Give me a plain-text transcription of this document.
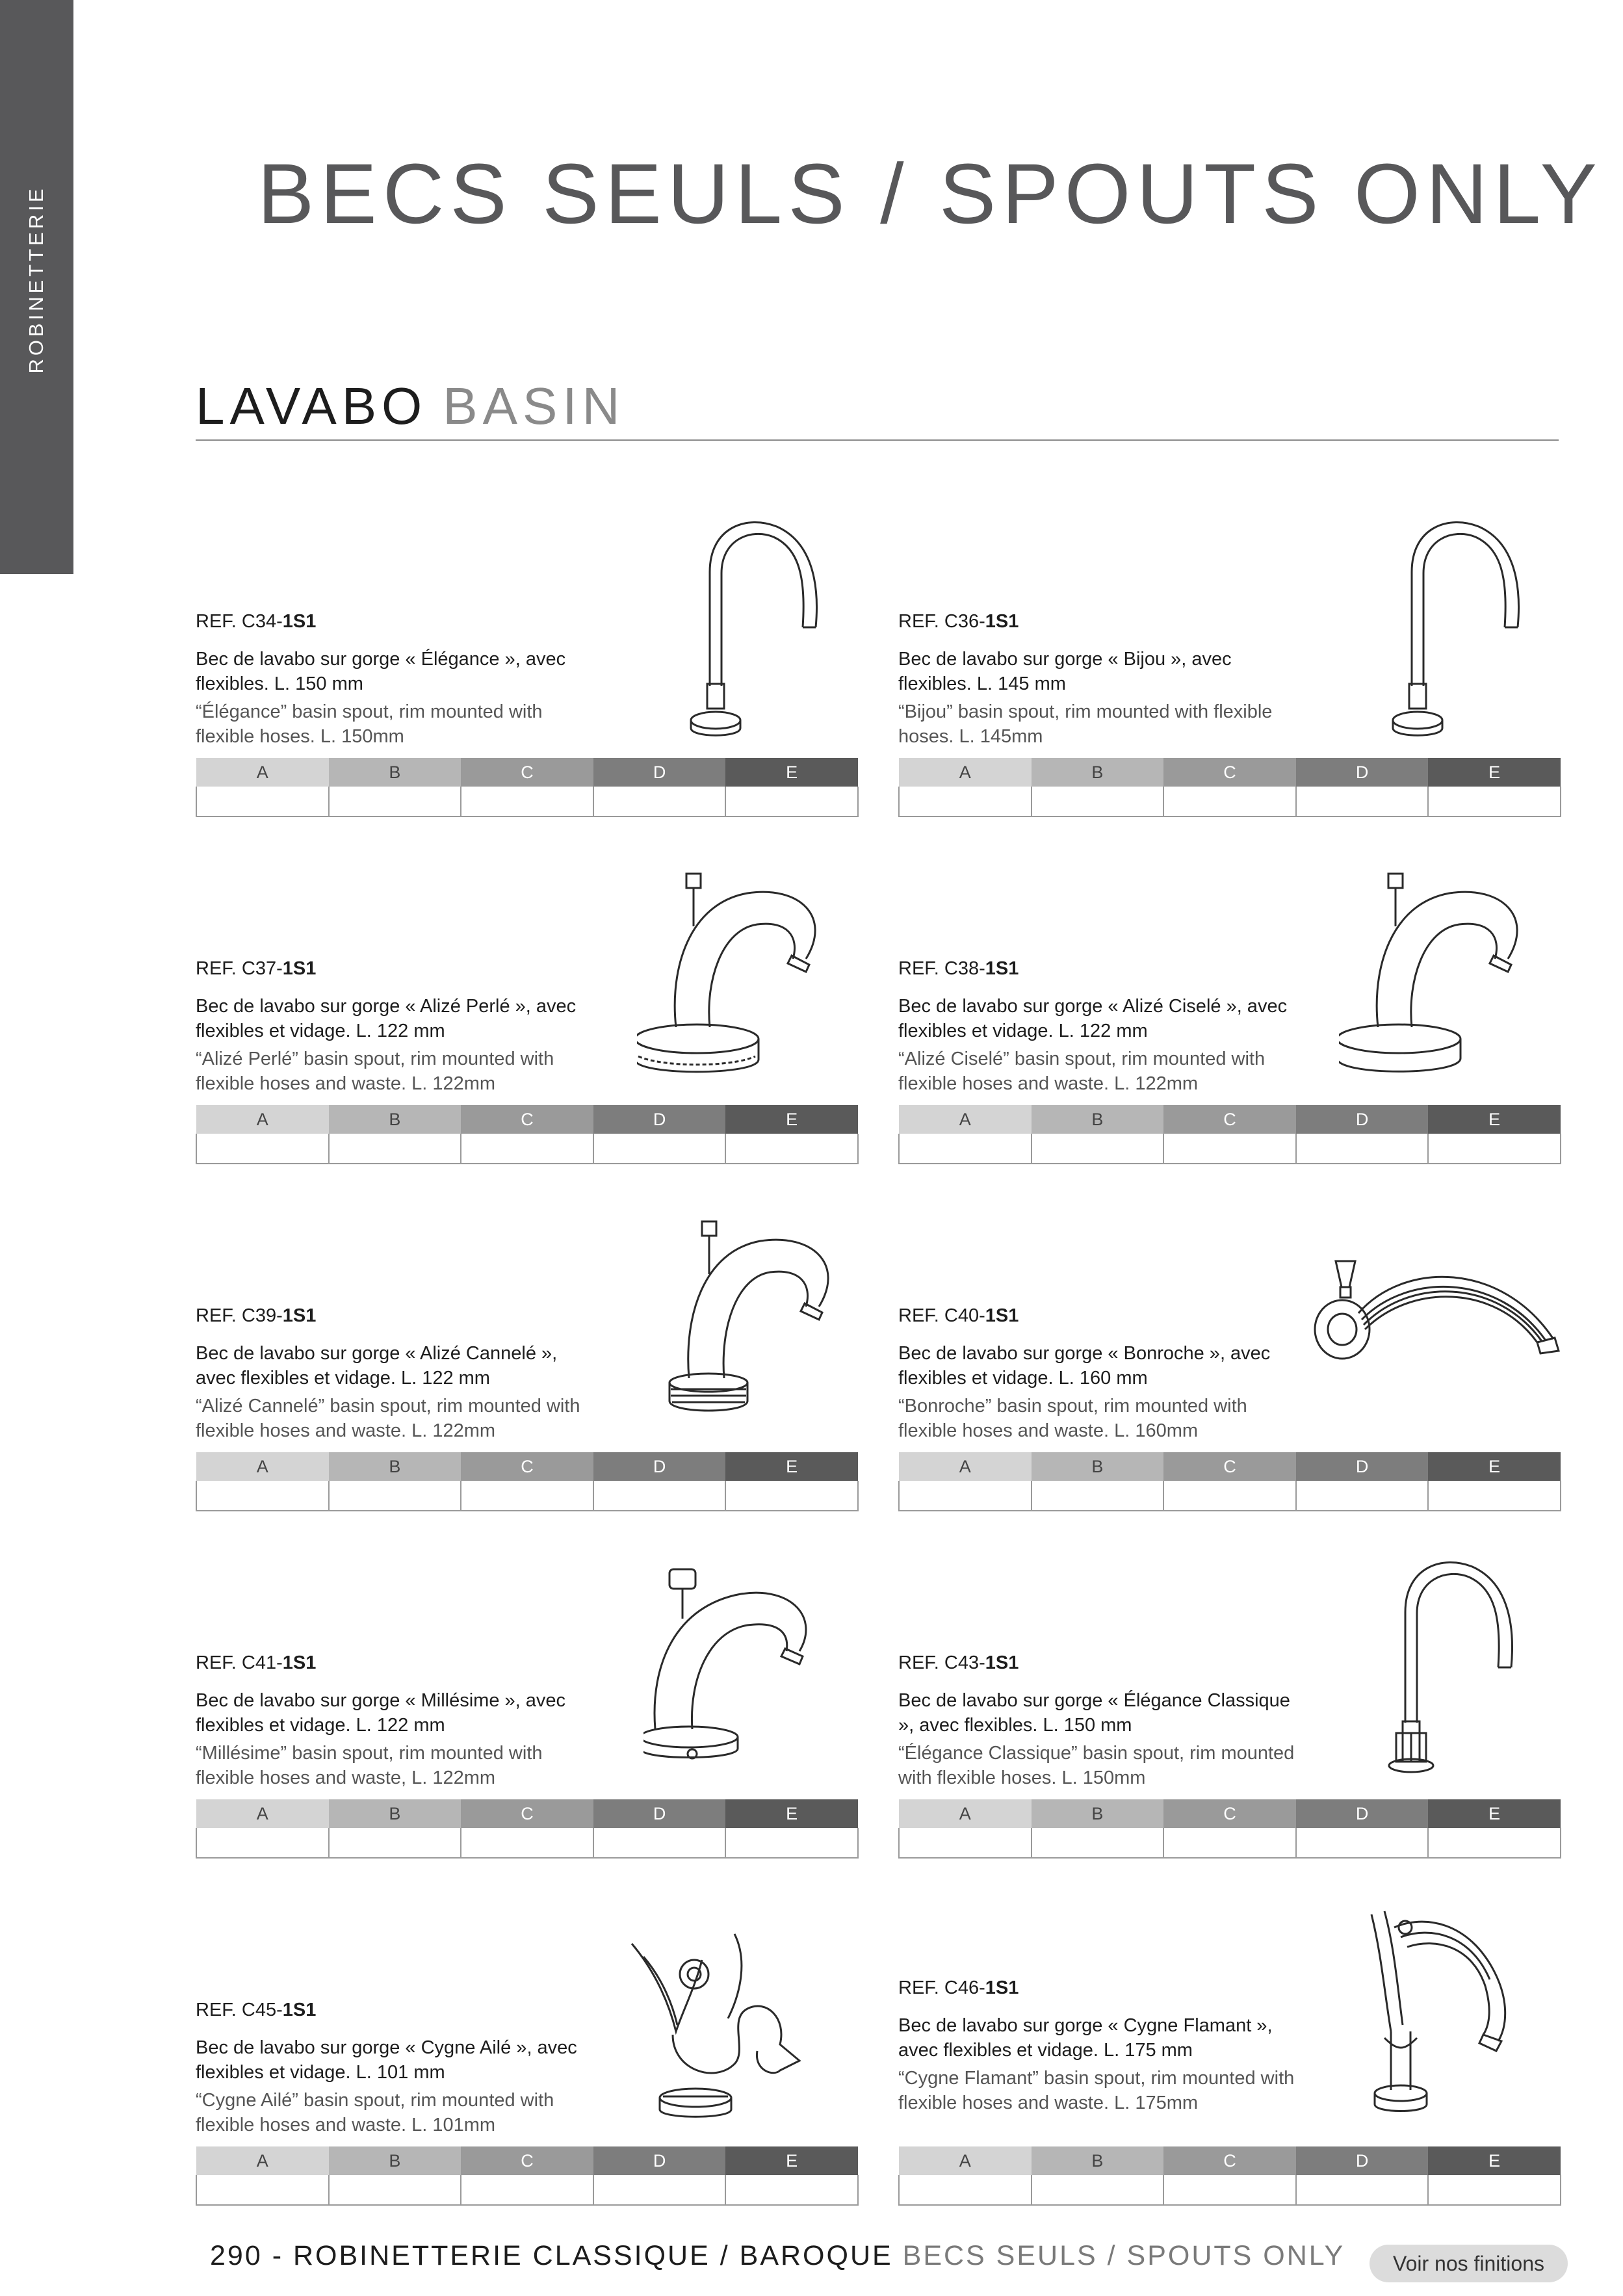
ROBINETTERIE BECS SEULS / SPOUTS ONLY
LAVABO BASIN
REF. C34-1S1
Bec de lavabo sur gorge « Élégance », avec flexibles. L. 150 mm
“Élégance” basin spout, rim mounted with flexible hoses. L. 150mm
A	B	C	D	E

REF. C36-1S1
Bec de lavabo sur gorge « Bijou », avec flexibles. L. 145 mm
“Bijou” basin spout, rim mounted with flexible hoses. L. 145mm
A	B	C	D	E

REF. C37-1S1
Bec de lavabo sur gorge « Alizé Perlé », avec flexibles et vidage. L. 122 mm
“Alizé Perlé” basin spout, rim mounted with flexible hoses and waste. L. 122mm
A	B	C	D	E

REF. C38-1S1
Bec de lavabo sur gorge « Alizé Ciselé », avec flexibles et vidage. L. 122 mm
“Alizé Ciselé” basin spout, rim mounted with flexible hoses and waste. L. 122mm
A	B	C	D	E

REF. C39-1S1
Bec de lavabo sur gorge « Alizé Cannelé », avec flexibles et vidage. L. 122 mm
“Alizé Cannelé” basin spout, rim mounted with flexible hoses and waste. L. 122mm
A	B	C	D	E

REF. C40-1S1
Bec de lavabo sur gorge « Bonroche », avec flexibles et vidage. L. 160 mm
“Bonroche” basin spout, rim mounted with flexible hoses and waste. L. 160mm
A	B	C	D	E

REF. C41-1S1
Bec de lavabo sur gorge « Millésime », avec flexibles et vidage. L. 122 mm
“Millésime” basin spout, rim mounted with flexible hoses and waste, L. 122mm
A	B	C	D	E

REF. C43-1S1
Bec de lavabo sur gorge « Élégance Classique », avec flexibles. L. 150 mm
“Élégance Classique” basin spout, rim mounted with flexible hoses. L. 150mm
A	B	C	D	E

REF. C45-1S1
Bec de lavabo sur gorge « Cygne Ailé », avec flexibles et vidage. L. 101 mm
“Cygne Ailé” basin spout, rim mounted with flexible hoses and waste. L. 101mm
A	B	C	D	E

REF. C46-1S1
Bec de lavabo sur gorge « Cygne Flamant », avec flexibles et vidage. L. 175 mm
“Cygne Flamant” basin spout, rim mounted with flexible hoses and waste. L. 175mm
A	B	C	D	E

290 - ROBINETTERIE CLASSIQUE / BAROQUE BECS SEULS / SPOUTS ONLY	Voir nos finitions
